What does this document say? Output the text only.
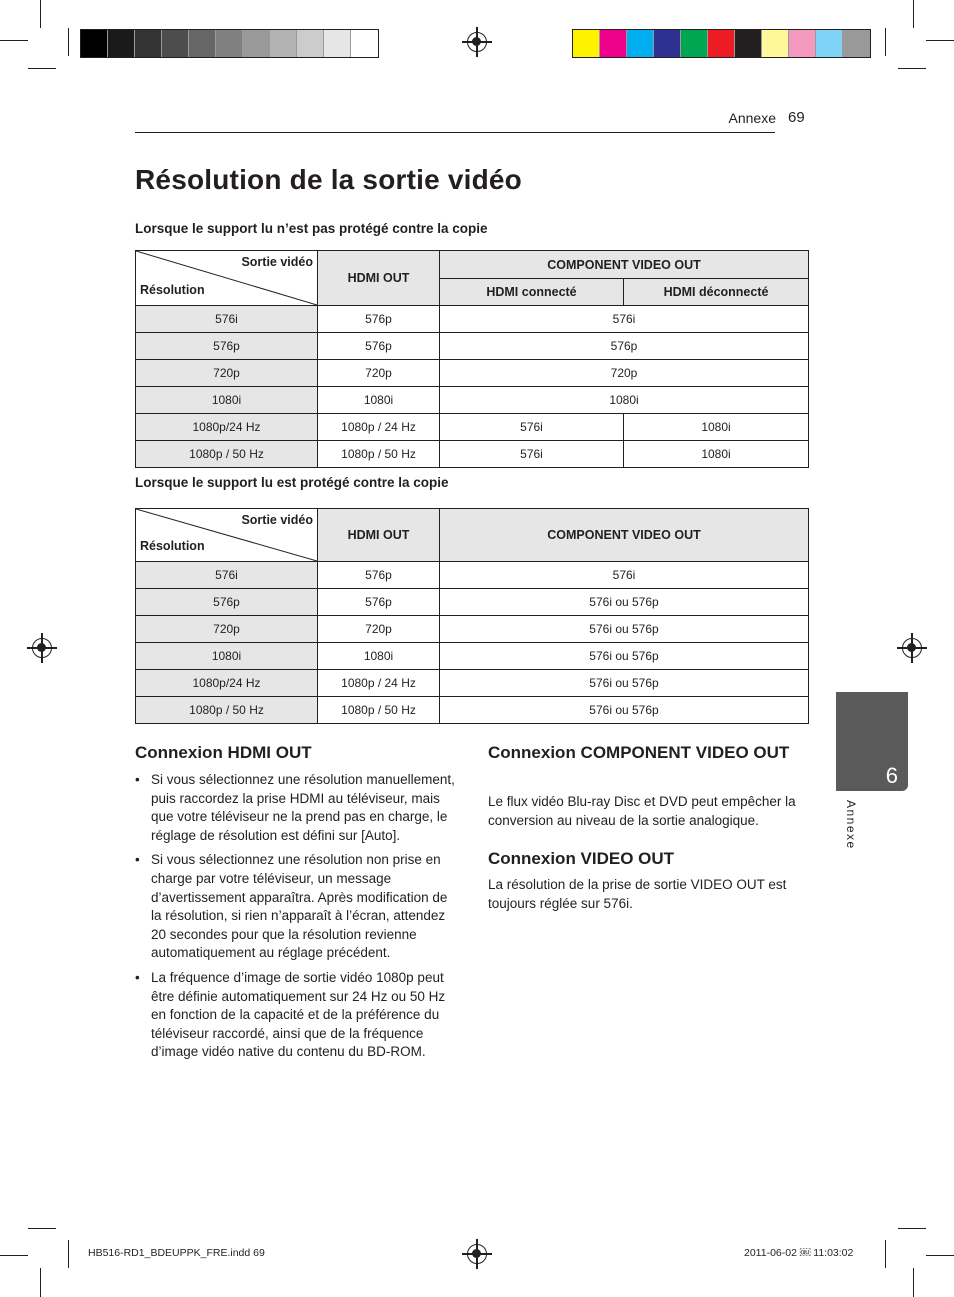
Annexe 69
Résolution de la sortie vidéo
Lorsque le support lu n’est pas protégé contre la copie
Sortie vidéo
Résolution	HDMI OUT	COMPONENT VIDEO OUT	
		HDMI connecté	HDMI déconnecté
576i	576p	576i	
576p	576p	576p	
720p	720p	720p	
1080i	1080i	1080i	
1080p/24 Hz	1080p / 24 Hz	576i	1080i
1080p / 50 Hz	1080p / 50 Hz	576i	1080i
Lorsque le support lu est protégé contre la copie
Sortie vidéo
Résolution	HDMI OUT	COMPONENT VIDEO OUT
576i	576p	576i
576p	576p	576i ou 576p
720p	720p	576i ou 576p
1080i	1080i	576i ou 576p
1080p/24 Hz	1080p / 24 Hz	576i ou 576p
1080p / 50 Hz	1080p / 50 Hz	576i ou 576p
Connexion HDMI OUT
• Si vous sélectionnez une résolution manuellement, puis raccordez la prise HDMI au téléviseur, mais que votre téléviseur ne la prend pas en charge, le réglage de résolution est défini sur [Auto].
• Si vous sélectionnez une résolution non prise en charge par votre téléviseur, un message d’avertissement apparaîtra. Après modification de la résolution, si rien n’apparaît à l’écran, attendez 20 secondes pour que la résolution revienne automatiquement au réglage précédent.
• La fréquence d’image de sortie vidéo 1080p peut être définie automatiquement sur 24 Hz ou 50 Hz en fonction de la capacité et de la préférence du téléviseur raccordé, ainsi que de la fréquence d’image vidéo native du contenu du BD-ROM.
Connexion COMPONENT VIDEO OUT

Le flux vidéo Blu-ray Disc et DVD peut empêcher la conversion au niveau de la sortie analogique.

Connexion VIDEO OUT

La résolution de la prise de sortie VIDEO OUT est toujours réglée sur 576i.

6
Annexe
HB516-RD1_BDEUPPK_FRE.indd 69	2011-06-02 ￼ 11:03:02
